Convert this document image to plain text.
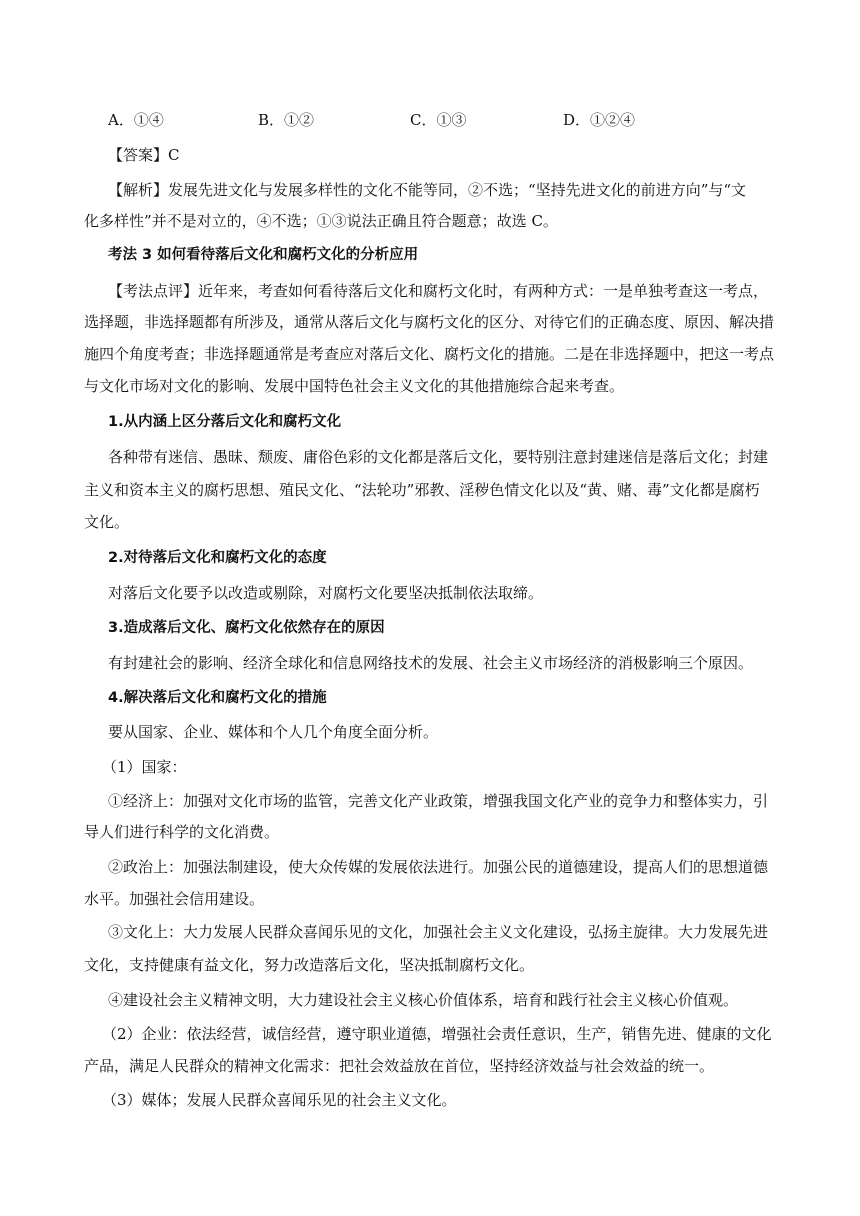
A．①④	B．①②	C．①③	D．①②④
【答案】C
【解析】发展先进文化与发展多样性的文化不能等同，②不选；“坚持先进文化的前进方向”与“文
化多样性”并不是对立的，④不选；①③说法正确且符合题意；故选 C。
考法 3 如何看待落后文化和腐朽文化的分析应用
【考法点评】近年来，考查如何看待落后文化和腐朽文化时，有两种方式：一是单独考查这一考点，
选择题，非选择题都有所涉及，通常从落后文化与腐朽文化的区分、对待它们的正确态度、原因、解决措
施四个角度考查；非选择题通常是考查应对落后文化、腐朽文化的措施。二是在非选择题中，把这一考点
与文化市场对文化的影响、发展中国特色社会主义文化的其他措施综合起来考查。
1.从内涵上区分落后文化和腐朽文化
各种带有迷信、愚昧、颓废、庸俗色彩的文化都是落后文化，要特别注意封建迷信是落后文化；封建
主义和资本主义的腐朽思想、殖民文化、“法轮功”邪教、淫秽色情文化以及“黄、赌、毒”文化都是腐朽
文化。
2.对待落后文化和腐朽文化的态度
对落后文化要予以改造或剔除，对腐朽文化要坚决抵制依法取缔。
3.造成落后文化、腐朽文化依然存在的原因
有封建社会的影响、经济全球化和信息网络技术的发展、社会主义市场经济的消极影响三个原因。
4.解决落后文化和腐朽文化的措施
要从国家、企业、媒体和个人几个角度全面分析。
（1）国家：
①经济上：加强对文化市场的监管，完善文化产业政策，增强我国文化产业的竞争力和整体实力，引
导人们进行科学的文化消费。
②政治上：加强法制建设，使大众传媒的发展依法进行。加强公民的道德建设，提高人们的思想道德
水平。加强社会信用建设。
③文化上：大力发展人民群众喜闻乐见的文化，加强社会主义文化建设，弘扬主旋律。大力发展先进
文化，支持健康有益文化，努力改造落后文化，坚决抵制腐朽文化。
④建设社会主义精神文明，大力建设社会主义核心价值体系，培育和践行社会主义核心价值观。
（2）企业：依法经营，诚信经营，遵守职业道德，增强社会责任意识，生产，销售先进、健康的文化
产品，满足人民群众的精神文化需求：把社会效益放在首位，坚持经济效益与社会效益的统一。
（3）媒体；发展人民群众喜闻乐见的社会主义文化。
